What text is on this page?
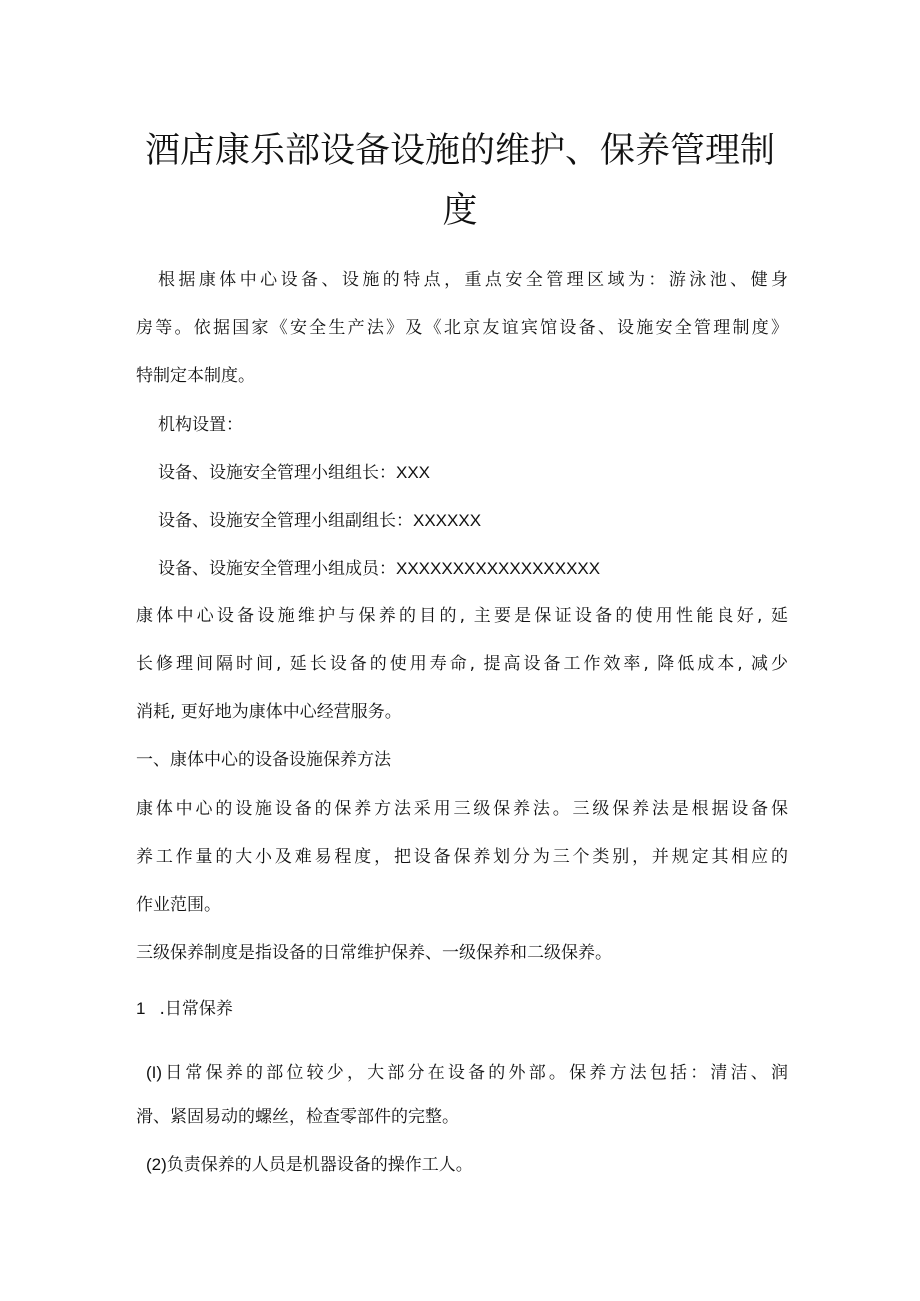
酒店康乐部设备设施的维护、保养管理制
度
根据康体中心设备、设施的特点，重点安全管理区域为：游泳池、健身
房等。依据国家《安全生产法》及《北京友谊宾馆设备、设施安全管理制度》
特制定本制度。
机构设置：
设备、设施安全管理小组组长：XXX
设备、设施安全管理小组副组长：XXXXXX
设备、设施安全管理小组成员：XXXXXXXXXXXXXXXXXX
康体中心设备设施维护与保养的目的, 主要是保证设备的使用性能良好, 延
长修理间隔时间, 延长设备的使用寿命, 提高设备工作效率, 降低成本, 减少
消耗, 更好地为康体中心经营服务。
一、康体中心的设备设施保养方法
康体中心的设施设备的保养方法采用三级保养法。三级保养法是根据设备保
养工作量的大小及难易程度，把设备保养划分为三个类别，并规定其相应的
作业范围。
三级保养制度是指设备的日常维护保养、一级保养和二级保养。
1 .日常保养
(I)日常保养的部位较少，大部分在设备的外部。保养方法包括：清洁、润
滑、紧固易动的螺丝，检查零部件的完整。
(2)负责保养的人员是机器设备的操作工人。
